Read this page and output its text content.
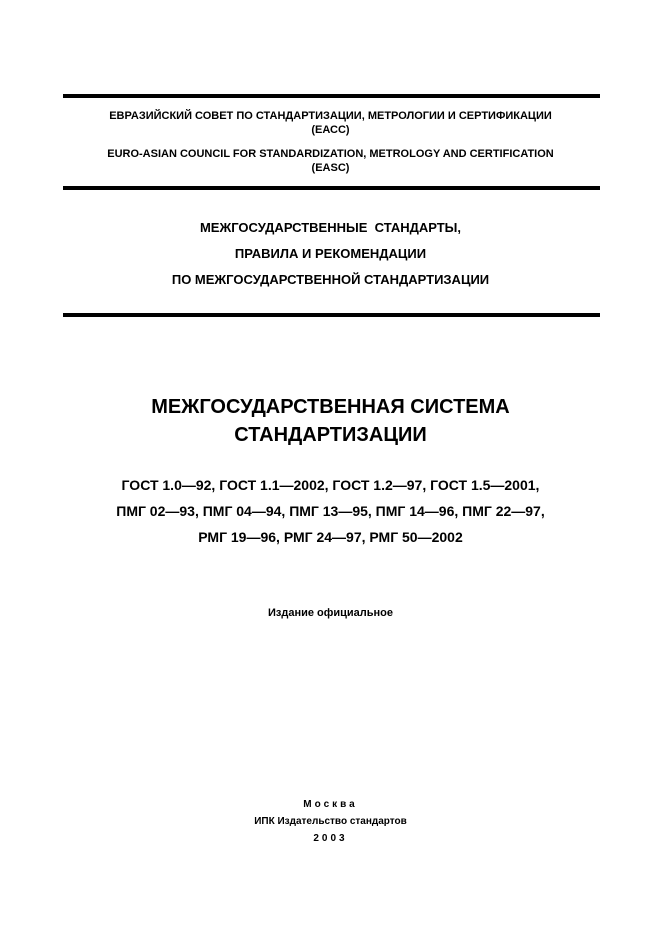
ЕВРАЗИЙСКИЙ СОВЕТ ПО СТАНДАРТИЗАЦИИ, МЕТРОЛОГИИ И СЕРТИФИКАЦИИ
(ЕАСС)
EURO-ASIAN COUNCIL FOR STANDARDIZATION, METROLOGY AND CERTIFICATION
(EASC)
МЕЖГОСУДАРСТВЕННЫЕ  СТАНДАРТЫ,
ПРАВИЛА И РЕКОМЕНДАЦИИ
ПО МЕЖГОСУДАРСТВЕННОЙ СТАНДАРТИЗАЦИИ
МЕЖГОСУДАРСТВЕННАЯ СИСТЕМА
СТАНДАРТИЗАЦИИ
ГОСТ 1.0—92, ГОСТ 1.1—2002, ГОСТ 1.2—97, ГОСТ 1.5—2001,
ПМГ 02—93, ПМГ 04—94, ПМГ 13—95, ПМГ 14—96, ПМГ 22—97,
РМГ 19—96, РМГ 24—97, РМГ 50—2002
Издание официальное
Москва
ИПК Издательство стандартов
2003
